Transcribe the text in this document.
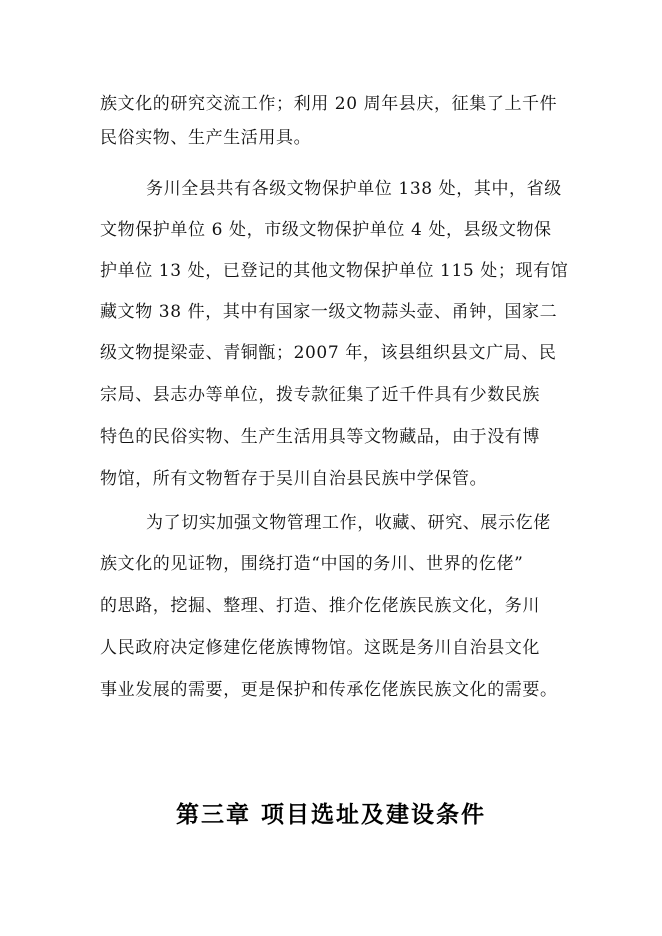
族文化的研究交流工作；利用 20 周年县庆，征集了上千件
民俗实物、生产生活用具。
务川全县共有各级文物保护单位 138 处，其中，省级
文物保护单位 6 处，市级文物保护单位 4 处，县级文物保
护单位 13 处，已登记的其他文物保护单位 115 处；现有馆
藏文物 38 件，其中有国家一级文物蒜头壶、甬钟，国家二
级文物提梁壶、青铜甑；2007 年，该县组织县文广局、民
宗局、县志办等单位，拨专款征集了近千件具有少数民族
特色的民俗实物、生产生活用具等文物藏品，由于没有博
物馆，所有文物暂存于吴川自治县民族中学保管。
为了切实加强文物管理工作，收藏、研究、展示仡佬
族文化的见证物，围绕打造“中国的务川、世界的仡佬”
的思路，挖掘、整理、打造、推介仡佬族民族文化，务川
人民政府决定修建仡佬族博物馆。这既是务川自治县文化
事业发展的需要，更是保护和传承仡佬族民族文化的需要。
第三章 项目选址及建设条件
